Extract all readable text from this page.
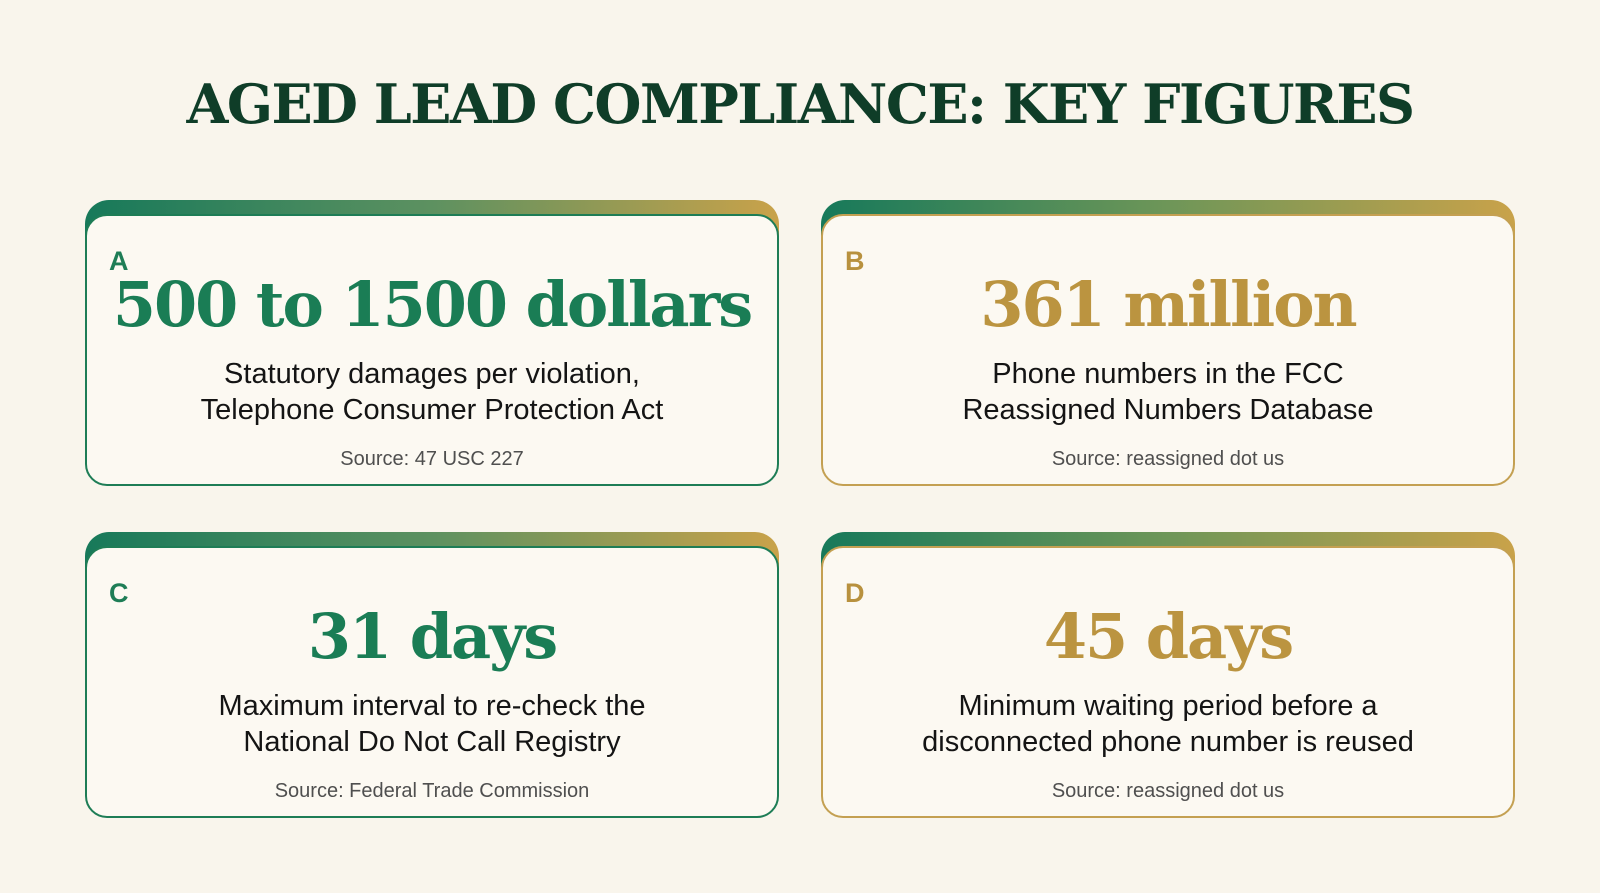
AGED LEAD COMPLIANCE: KEY FIGURES
A
500 to 1500 dollars
Statutory damages per violation,
Telephone Consumer Protection Act
Source: 47 USC 227
B
361 million
Phone numbers in the FCC
Reassigned Numbers Database
Source: reassigned dot us
C
31 days
Maximum interval to re-check the
National Do Not Call Registry
Source: Federal Trade Commission
D
45 days
Minimum waiting period before a
disconnected phone number is reused
Source: reassigned dot us
